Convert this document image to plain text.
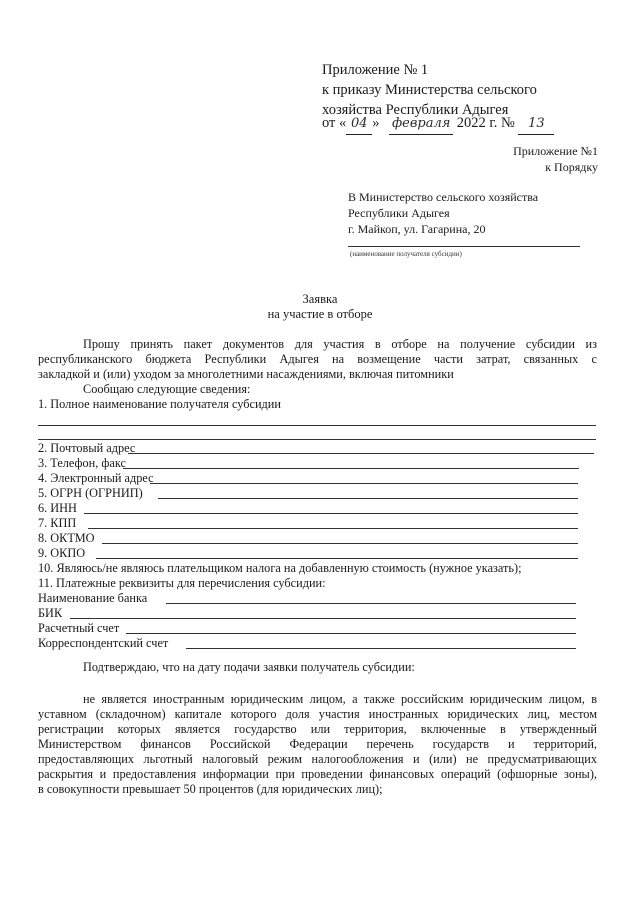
Приложение № 1
к приказу Министерства сельского
хозяйства Республики Адыгея
от « 04 » февраля 2022 г. № 13
Приложение №1
к Порядку
В Министерство сельского хозяйства
Республики Адыгея
г. Майкоп, ул. Гагарина, 20
(наименование получателя субсидии)
Заявка
на участие в отборе
Прошу принять пакет документов для участия в отборе на получение субсидии из
республиканского бюджета Республики Адыгея на возмещение части затрат, связанных с
закладкой и (или) уходом за многолетними насаждениями, включая питомники
Сообщаю следующие сведения:
1. Полное наименование получателя субсидии
2. Почтовый адрес
3. Телефон, факс
4. Электронный адрес
5. ОГРН (ОГРНИП)
6. ИНН
7. КПП
8. ОКТМО
9. ОКПО
10. Являюсь/не являюсь плательщиком налога на добавленную стоимость (нужное указать);
11. Платежные реквизиты для перечисления субсидии:
Наименование банка
БИК
Расчетный счет
Корреспондентский счет
Подтверждаю, что на дату подачи заявки получатель субсидии:
не является иностранным юридическим лицом, а также российским юридическим лицом, в
уставном (складочном) капитале которого доля участия иностранных юридических лиц, местом
регистрации которых является государство или территория, включенные в утвержденный
Министерством финансов Российской Федерации перечень государств и территорий,
предоставляющих льготный налоговый режим налогообложения и (или) не предусматривающих
раскрытия и предоставления информации при проведении финансовых операций (офшорные зоны),
в совокупности превышает 50 процентов (для юридических лиц);
